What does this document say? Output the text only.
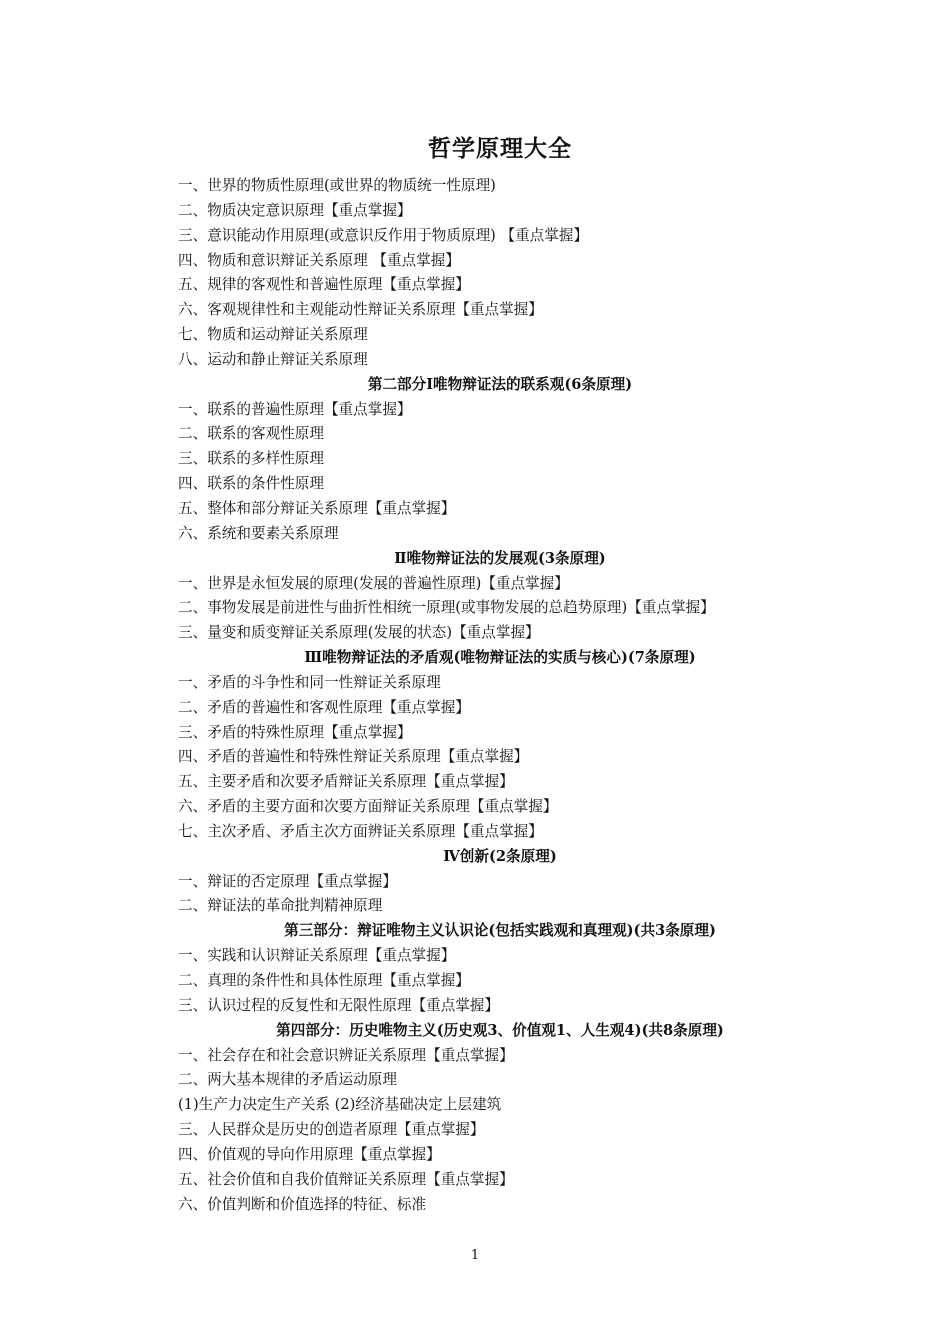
哲学原理大全
一、世界的物质性原理(或世界的物质统一性原理)
二、物质决定意识原理【重点掌握】
三、意识能动作用原理(或意识反作用于物质原理) 【重点掌握】
四、物质和意识辩证关系原理 【重点掌握】
五、规律的客观性和普遍性原理【重点掌握】
六、客观规律性和主观能动性辩证关系原理【重点掌握】
七、物质和运动辩证关系原理
八、运动和静止辩证关系原理
第二部分Ⅰ唯物辩证法的联系观(6条原理)
一、联系的普遍性原理【重点掌握】
二、联系的客观性原理
三、联系的多样性原理
四、联系的条件性原理
五、整体和部分辩证关系原理【重点掌握】
六、系统和要素关系原理
Ⅱ唯物辩证法的发展观(3条原理)
一、世界是永恒发展的原理(发展的普遍性原理)【重点掌握】
二、事物发展是前进性与曲折性相统一原理(或事物发展的总趋势原理)【重点掌握】
三、量变和质变辩证关系原理(发展的状态)【重点掌握】
Ⅲ唯物辩证法的矛盾观(唯物辩证法的实质与核心)(7条原理)
一、矛盾的斗争性和同一性辩证关系原理
二、矛盾的普遍性和客观性原理【重点掌握】
三、矛盾的特殊性原理【重点掌握】
四、矛盾的普遍性和特殊性辩证关系原理【重点掌握】
五、主要矛盾和次要矛盾辩证关系原理【重点掌握】
六、矛盾的主要方面和次要方面辩证关系原理【重点掌握】
七、主次矛盾、矛盾主次方面辨证关系原理【重点掌握】
Ⅳ创新(2条原理)
一、辩证的否定原理【重点掌握】
二、辩证法的革命批判精神原理
第三部分：辩证唯物主义认识论(包括实践观和真理观)(共3条原理)
一、实践和认识辩证关系原理【重点掌握】
二、真理的条件性和具体性原理【重点掌握】
三、认识过程的反复性和无限性原理【重点掌握】
第四部分：历史唯物主义(历史观3、价值观1、人生观4)(共8条原理)
一、社会存在和社会意识辨证关系原理【重点掌握】
二、两大基本规律的矛盾运动原理
(1)生产力决定生产关系 (2)经济基础决定上层建筑
三、人民群众是历史的创造者原理【重点掌握】
四、价值观的导向作用原理【重点掌握】
五、社会价值和自我价值辩证关系原理【重点掌握】
六、价值判断和价值选择的特征、标准
1
